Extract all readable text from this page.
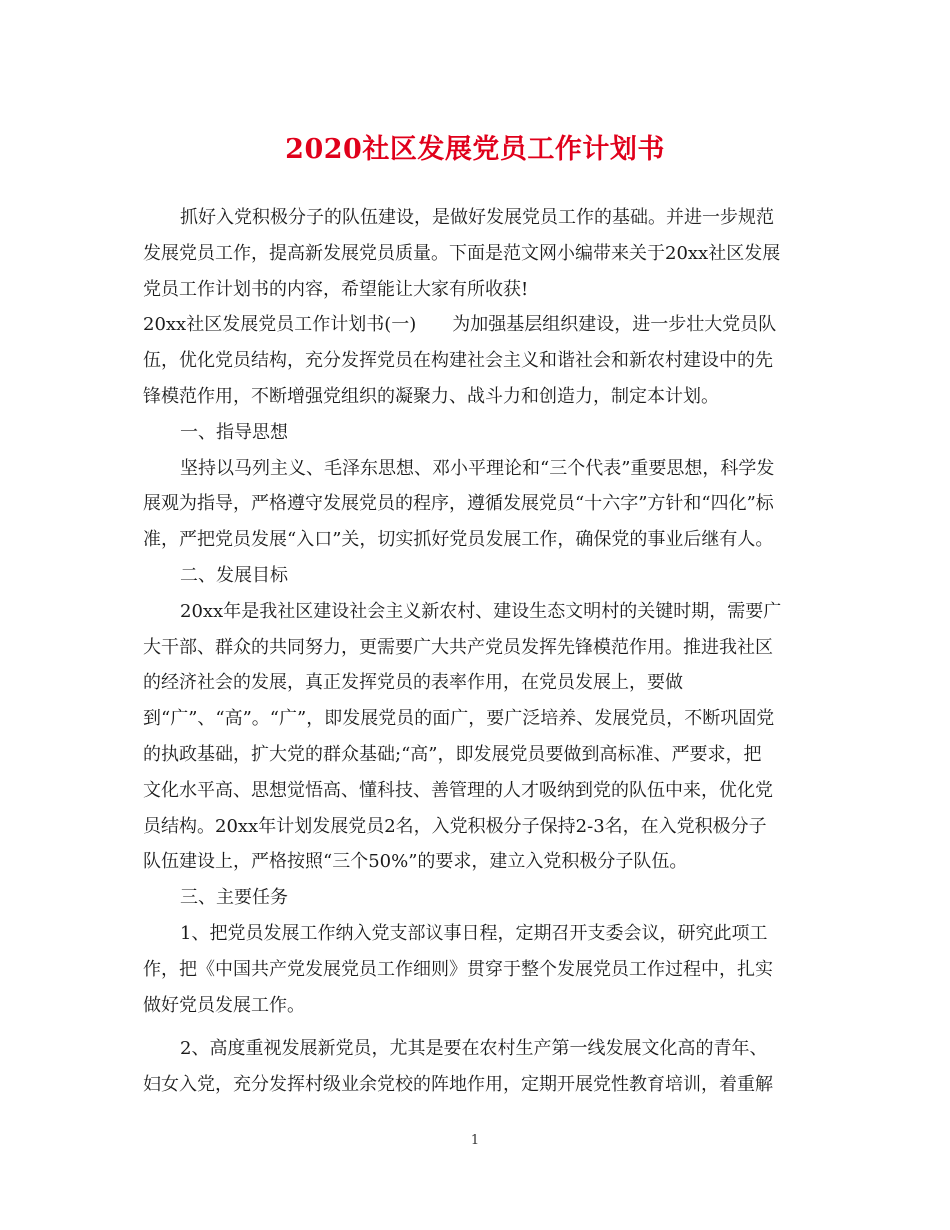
2020社区发展党员工作计划书
抓好入党积极分子的队伍建设，是做好发展党员工作的基础。并进一步规范
发展党员工作，提高新发展党员质量。下面是范文网小编带来关于20xx社区发展
党员工作计划书的内容，希望能让大家有所收获!
20xx社区发展党员工作计划书(一)　　为加强基层组织建设，进一步壮大党员队
伍，优化党员结构，充分发挥党员在构建社会主义和谐社会和新农村建设中的先
锋模范作用，不断增强党组织的凝聚力、战斗力和创造力，制定本计划。
一、指导思想
坚持以马列主义、毛泽东思想、邓小平理论和“三个代表”重要思想，科学发
展观为指导，严格遵守发展党员的程序，遵循发展党员“十六字”方针和“四化”标
准，严把党员发展“入口”关，切实抓好党员发展工作，确保党的事业后继有人。
二、发展目标
20xx年是我社区建设社会主义新农村、建设生态文明村的关键时期，需要广
大干部、群众的共同努力，更需要广大共产党员发挥先锋模范作用。推进我社区
的经济社会的发展，真正发挥党员的表率作用，在党员发展上，要做
到“广”、“高”。“广”，即发展党员的面广，要广泛培养、发展党员，不断巩固党
的执政基础，扩大党的群众基础;“高”，即发展党员要做到高标准、严要求，把
文化水平高、思想觉悟高、懂科技、善管理的人才吸纳到党的队伍中来，优化党
员结构。20xx年计划发展党员2名，入党积极分子保持2-3名，在入党积极分子
队伍建设上，严格按照“三个50%”的要求，建立入党积极分子队伍。
三、主要任务
1、把党员发展工作纳入党支部议事日程，定期召开支委会议，研究此项工
作，把《中国共产党发展党员工作细则》贯穿于整个发展党员工作过程中，扎实
做好党员发展工作。
2、高度重视发展新党员，尤其是要在农村生产第一线发展文化高的青年、
妇女入党，充分发挥村级业余党校的阵地作用，定期开展党性教育培训，着重解
1
